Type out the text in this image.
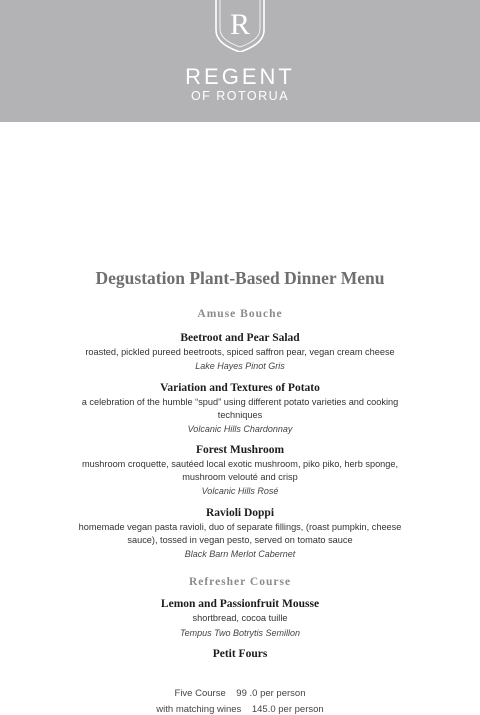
R
REGENT
OF ROTORUA
Degustation Plant-Based Dinner Menu
Amuse Bouche
Beetroot and Pear Salad
roasted, pickled pureed beetroots, spiced saffron pear, vegan cream cheese
Lake Hayes Pinot Gris
Variation and Textures of Potato
a celebration of the humble “spud” using different potato varieties and cooking techniques
Volcanic Hills Chardonnay
Forest Mushroom
mushroom croquette, sautéed local exotic mushroom, piko piko, herb sponge, mushroom velouté and crisp
Volcanic Hills Rosé
Ravioli Doppi
homemade vegan pasta ravioli, duo of separate fillings, (roast pumpkin, cheese sauce), tossed in vegan pesto, served on tomato sauce
Black Barn Merlot Cabernet
Refresher Course
Lemon and Passionfruit Mousse
shortbread, cocoa tuille
Tempus Two Botrytis Semillon
Petit Fours
Five Course 99 .0 per person
with matching wines 145.0 per person
